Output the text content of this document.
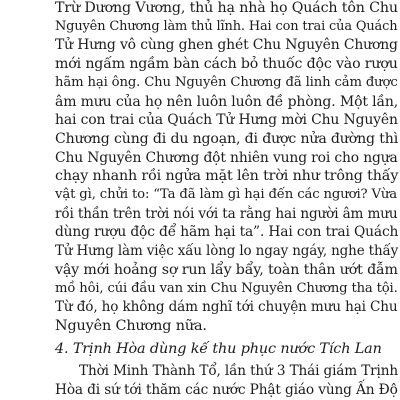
Trừ Dương Vương, thủ hạ nhà họ Quách tôn Chu
Nguyên Chương làm thủ lĩnh. Hai con trai của Quách
Tử Hưng vô cùng ghen ghét Chu Nguyên Chương
mới ngấm ngầm bàn cách bỏ thuốc độc vào rượu
hãm hại ông. Chu Nguyên Chương đã linh cảm được
âm mưu của họ nên luôn luôn đề phòng. Một lần,
hai con trai của Quách Tử Hưng mời Chu Nguyên
Chương cùng đi du ngoạn, đi được nửa đường thì
Chu Nguyên Chương đột nhiên vung roi cho ngựa
chạy nhanh rồi ngửa mặt lên trời như trông thấy
vật gì, chửi to: “Ta đã làm gì hại đến các ngươi? Vừa
rồi thần trên trời nói với ta rằng hai người âm mưu
dùng rượu độc để hãm hại ta”. Hai con trai Quách
Tử Hưng làm việc xấu lòng lo ngay ngáy, nghe thấy
vậy mới hoảng sợ run lẩy bẩy, toàn thân ướt đẫm
mồ hôi, cúi đầu van xin Chu Nguyên Chương tha tội.
Từ đó, họ không dám nghĩ tới chuyện mưu hại Chu
Nguyên Chương nữa.
4. Trịnh Hòa dùng kế thu phục nước Tích Lan
Thời Minh Thành Tổ, lần thứ 3 Thái giám Trịnh
Hòa đi sứ tới thăm các nước Phật giáo vùng Ấn Độ
